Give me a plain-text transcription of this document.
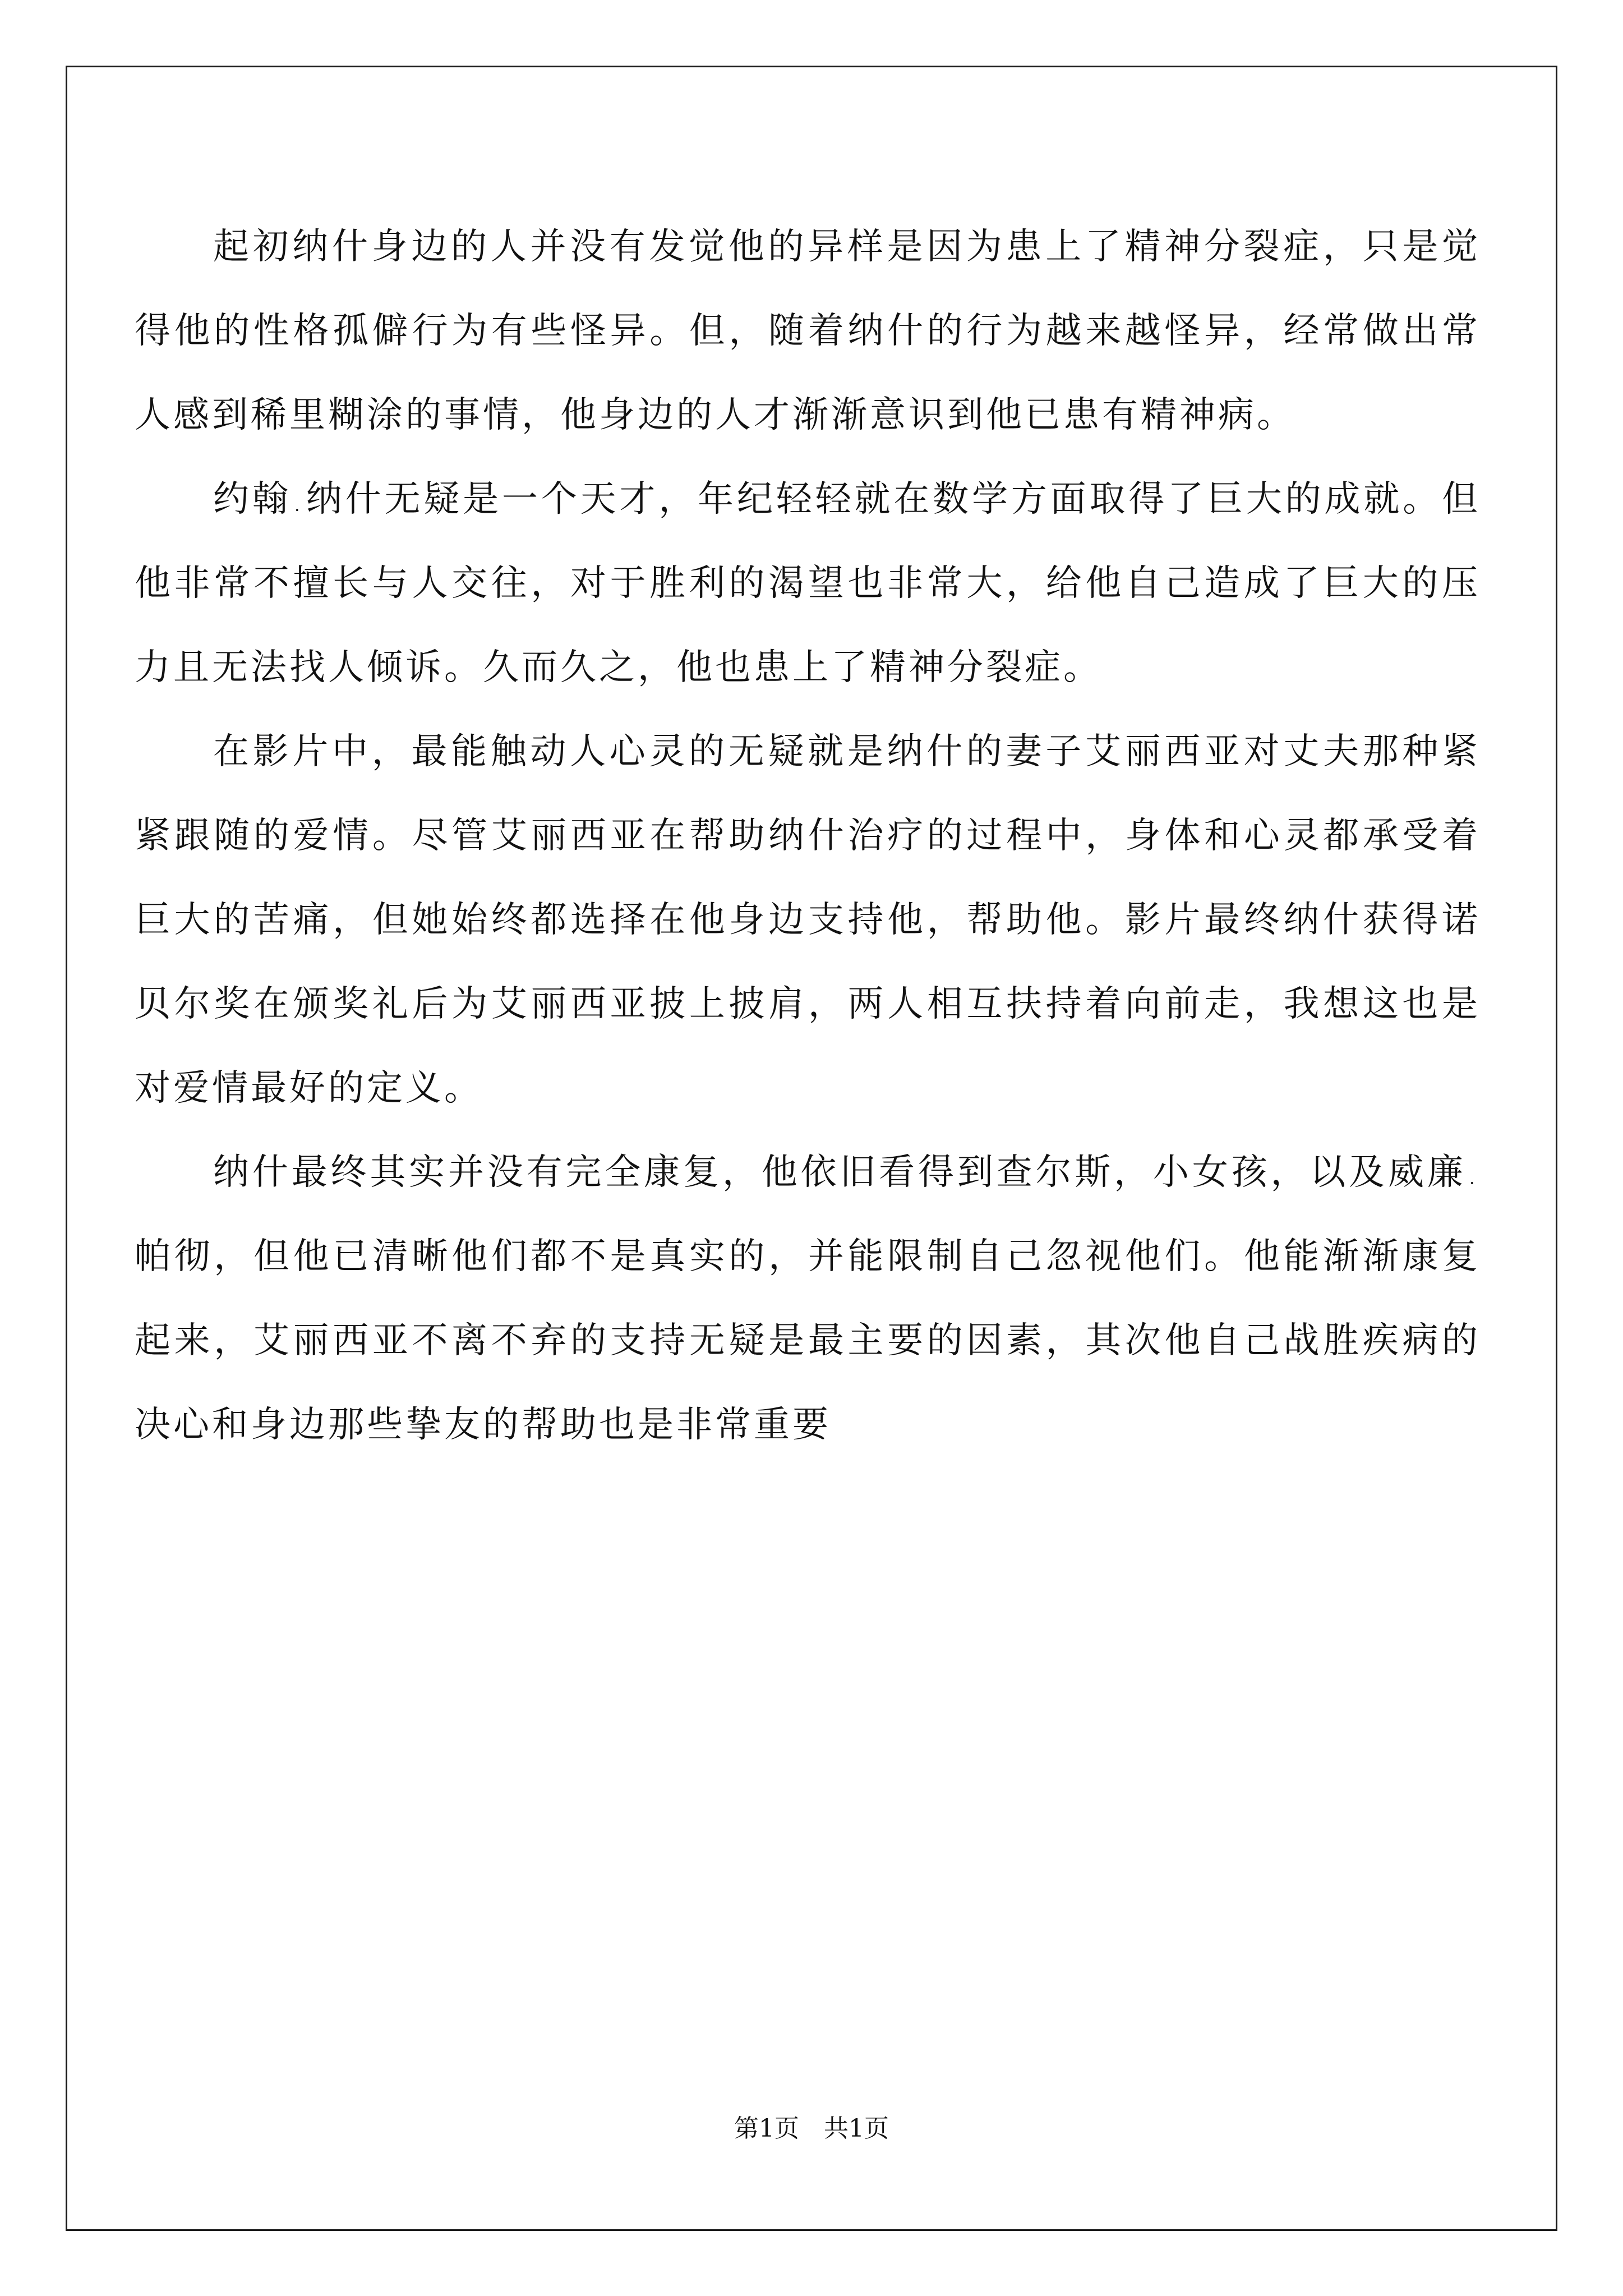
起初纳什身边的人并没有发觉他的异样是因为患上了精神分裂症，只是觉得他的性格孤僻行为有些怪异。但，随着纳什的行为越来越怪异，经常做出常人感到稀里糊涂的事情，他身边的人才渐渐意识到他已患有精神病。

约翰.纳什无疑是一个天才，年纪轻轻就在数学方面取得了巨大的成就。但他非常不擅长与人交往，对于胜利的渴望也非常大，给他自己造成了巨大的压力且无法找人倾诉。久而久之，他也患上了精神分裂症。

在影片中，最能触动人心灵的无疑就是纳什的妻子艾丽西亚对丈夫那种紧紧跟随的爱情。尽管艾丽西亚在帮助纳什治疗的过程中，身体和心灵都承受着巨大的苦痛，但她始终都选择在他身边支持他，帮助他。影片最终纳什获得诺贝尔奖在颁奖礼后为艾丽西亚披上披肩，两人相互扶持着向前走，我想这也是对爱情最好的定义。

纳什最终其实并没有完全康复，他依旧看得到查尔斯，小女孩，以及威廉.帕彻，但他已清晰他们都不是真实的，并能限制自己忽视他们。他能渐渐康复起来，艾丽西亚不离不弃的支持无疑是最主要的因素，其次他自己战胜疾病的决心和身边那些挚友的帮助也是非常重要

第1页　共1页
